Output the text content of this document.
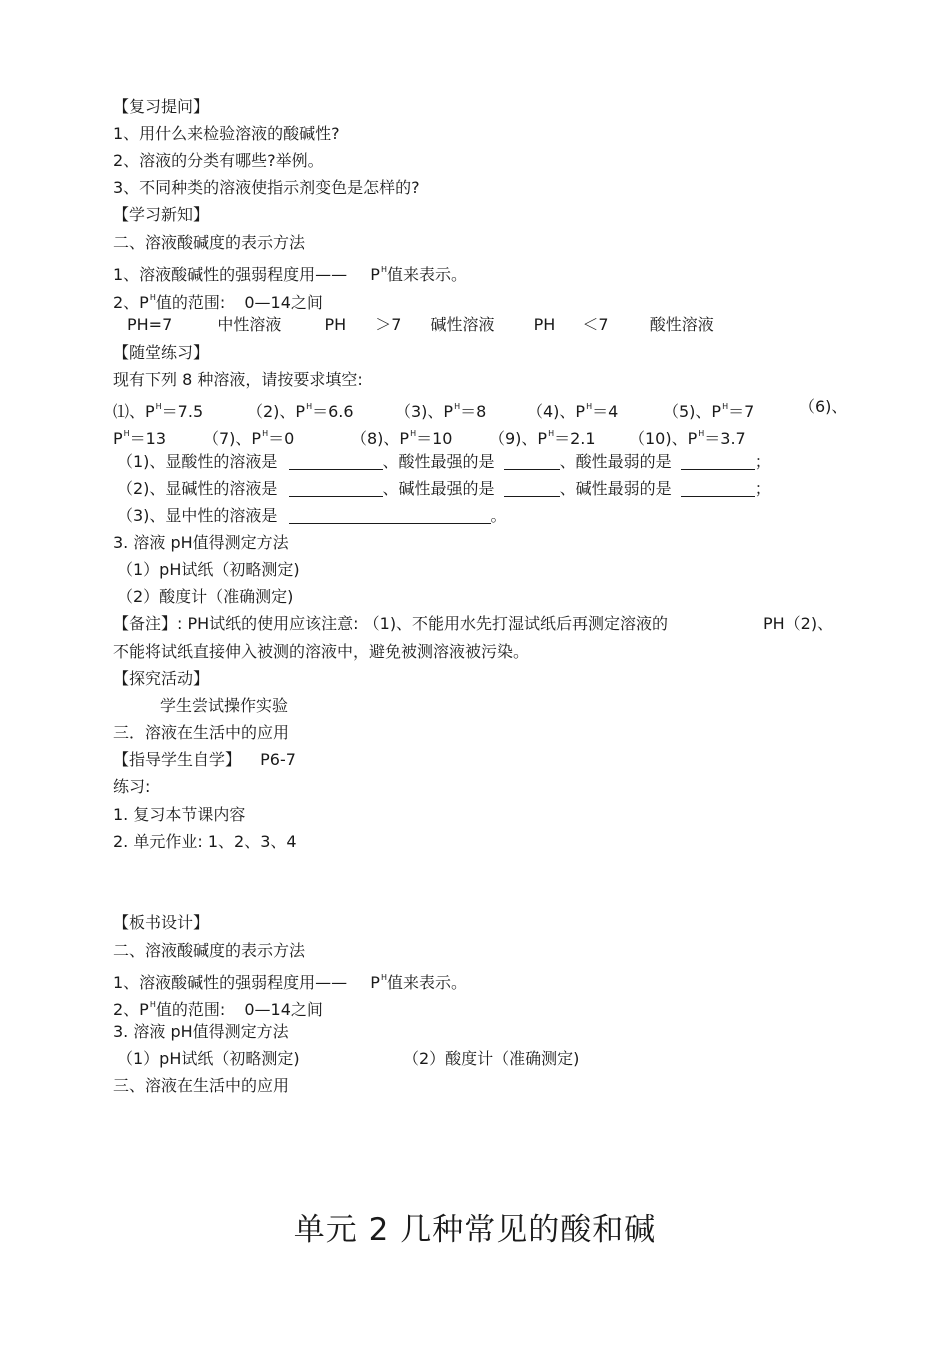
【复习提问】
1、用什么来检验溶液的酸碱性?
2、溶液的分类有哪些?举例。
3、不同种类的溶液使指示剂变色是怎样的?
【学习新知】
二、溶液酸碱度的表示方法
1、溶液酸碱性的强弱程度用—— $P^H$值来表示。
2、$P^H$值的范围: 0—14之间
PH=7	中性溶液	PH ＞7 碱性溶液 PH ＜7	酸性溶液
【随堂练习】
现有下列 8 种溶液，请按要求填空:
⑴、$P^H=7.5$	（2)、$P^H=6.6$	（3)、$P^H=8$	（4)、$P^H=4$	（5)、$P^H=7$	（6)、
$P^H=13$ （7)、$P^H=0$	（8)、$P^H=10$ （9)、$P^H=2.1$ （10)、$P^H=3.7$
（1)、显酸性的溶液是	、酸性最强的是	、酸性最弱的是	；
（2)、显碱性的溶液是	、碱性最强的是	、碱性最弱的是	；
（3)、显中性的溶液是	。
3. 溶液 pH值得测定方法
（1）pH试纸（初略测定)
（2）酸度计（准确测定)
【备注】: PH试纸的使用应该注意: （1)、不能用水先打湿试纸后再测定溶液的	PH（2)、
不能将试纸直接伸入被测的溶液中，避免被测溶液被污染。
【探究活动】
学生尝试操作实验
三．溶液在生活中的应用
【指导学生自学】 P6-7
练习:
1. 复习本节课内容
2. 单元作业: 1、2、3、4
【板书设计】
二、溶液酸碱度的表示方法
1、溶液酸碱性的强弱程度用—— $P^H$值来表示。
2、$P^H$值的范围: 0—14之间
3. 溶液 pH值得测定方法
（1）pH试纸（初略测定)	（2）酸度计（准确测定)
三、溶液在生活中的应用
单元 2 几种常见的酸和碱
